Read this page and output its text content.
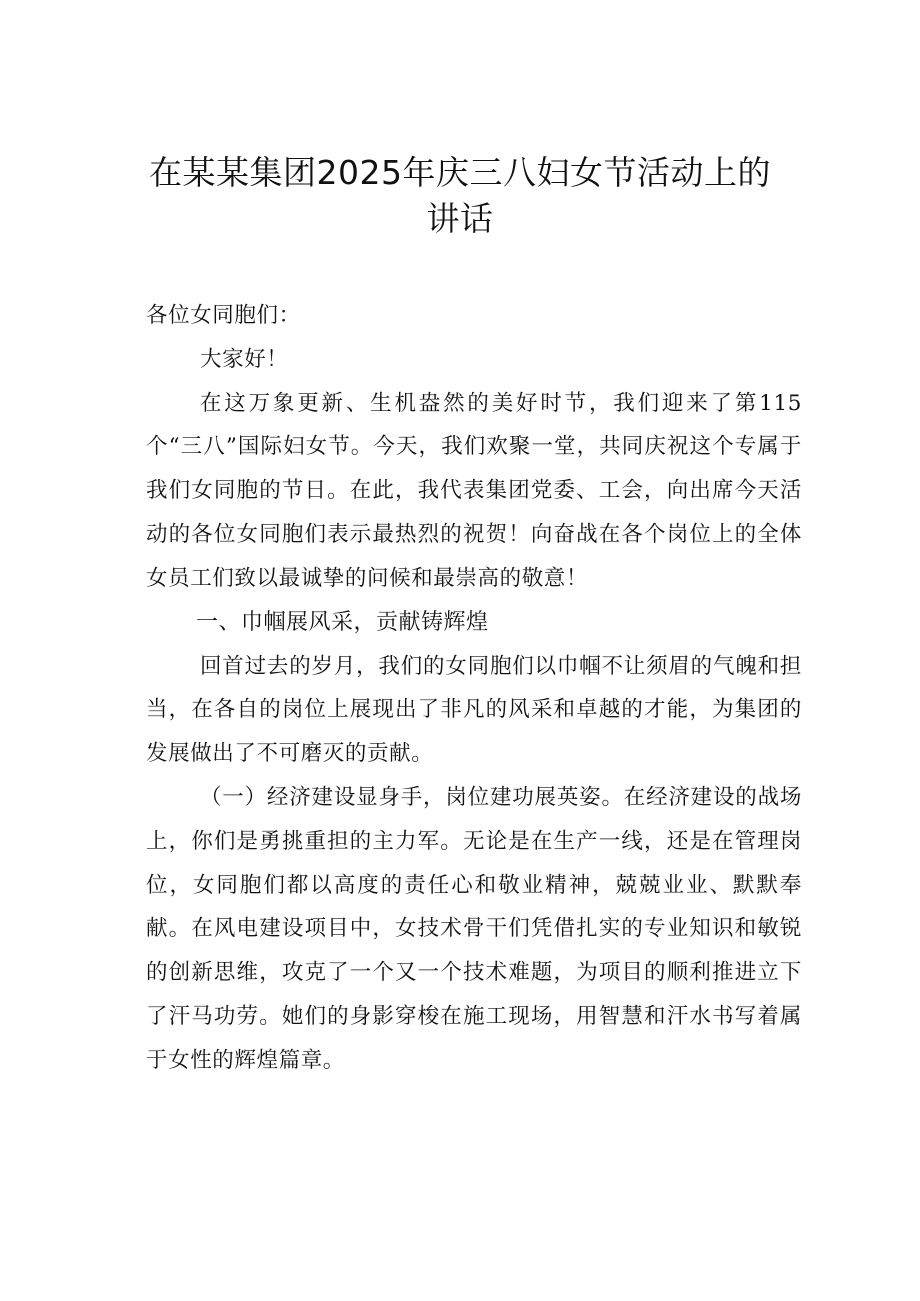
在某某集团2025年庆三八妇女节活动上的
讲话

各位女同胞们：

大家好！

在这万象更新、生机盎然的美好时节，我们迎来了第115个“三八”国际妇女节。今天，我们欢聚一堂，共同庆祝这个专属于我们女同胞的节日。在此，我代表集团党委、工会，向出席今天活动的各位女同胞们表示最热烈的祝贺！向奋战在各个岗位上的全体女员工们致以最诚挚的问候和最崇高的敬意！

一、巾帼展风采，贡献铸辉煌

回首过去的岁月，我们的女同胞们以巾帼不让须眉的气魄和担当，在各自的岗位上展现出了非凡的风采和卓越的才能，为集团的发展做出了不可磨灭的贡献。

（一）经济建设显身手，岗位建功展英姿。在经济建设的战场上，你们是勇挑重担的主力军。无论是在生产一线，还是在管理岗位，女同胞们都以高度的责任心和敬业精神，兢兢业业、默默奉献。在风电建设项目中，女技术骨干们凭借扎实的专业知识和敏锐的创新思维，攻克了一个又一个技术难题，为项目的顺利推进立下了汗马功劳。她们的身影穿梭在施工现场，用智慧和汗水书写着属于女性的辉煌篇章。
